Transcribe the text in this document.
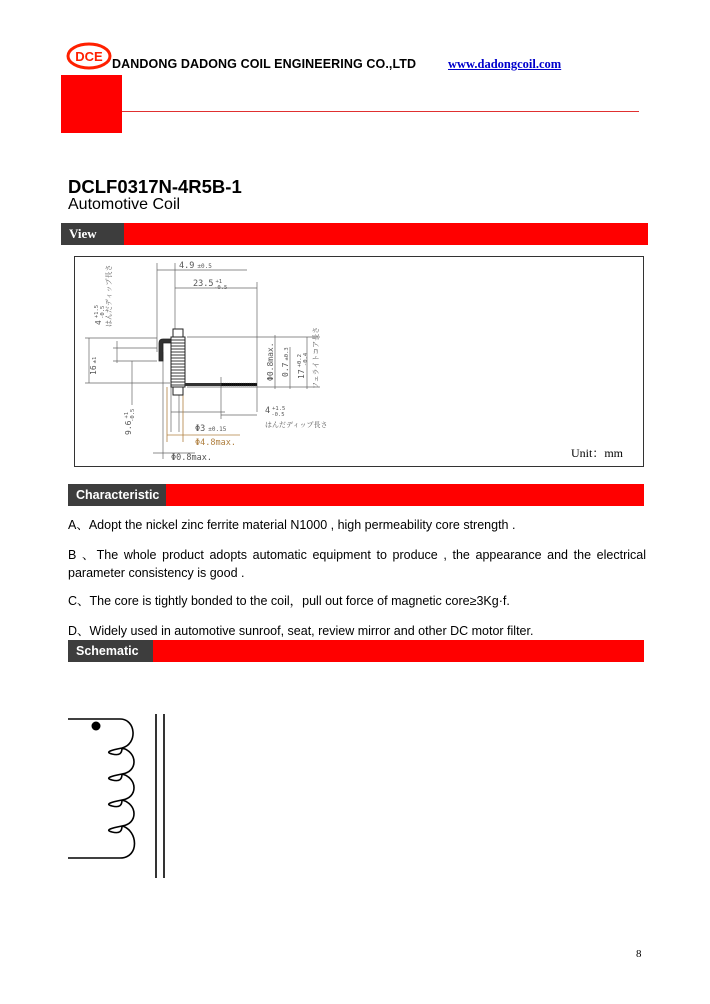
DCE DANDONG DADONG COIL ENGINEERING CO.,LTD	www.dadongcoil.com
DCLF0317N-4R5B-1
Automotive Coil
View
4.9 ±0.5
23.5 $^{+1}$ -0.5
$4^{+1.5}-0.5$ はんだディップ長さ
16±1
$9.6^{+1}-0.5$
Φ0.8max. 0.7±0.3
$17^{+0.2}-0.4$ フェライトコア長さ
4 $^{+1.5}$ -0.5
はんだディップ長さ
Φ3 ±0.15
Φ4.8max.
Φ0.8max.	Unit：mm
Characteristic
A、Adopt the nickel zinc ferrite material N1000 , high permeability core strength .
B 、The whole product adopts automatic equipment to produce , the appearance and the electrical parameter consistency is good .
C、The core is tightly bonded to the coil，pull out force of magnetic core≥3Kg·f.
D、Widely used in automotive sunroof, seat, review mirror and other DC motor filter.
Schematic
8
